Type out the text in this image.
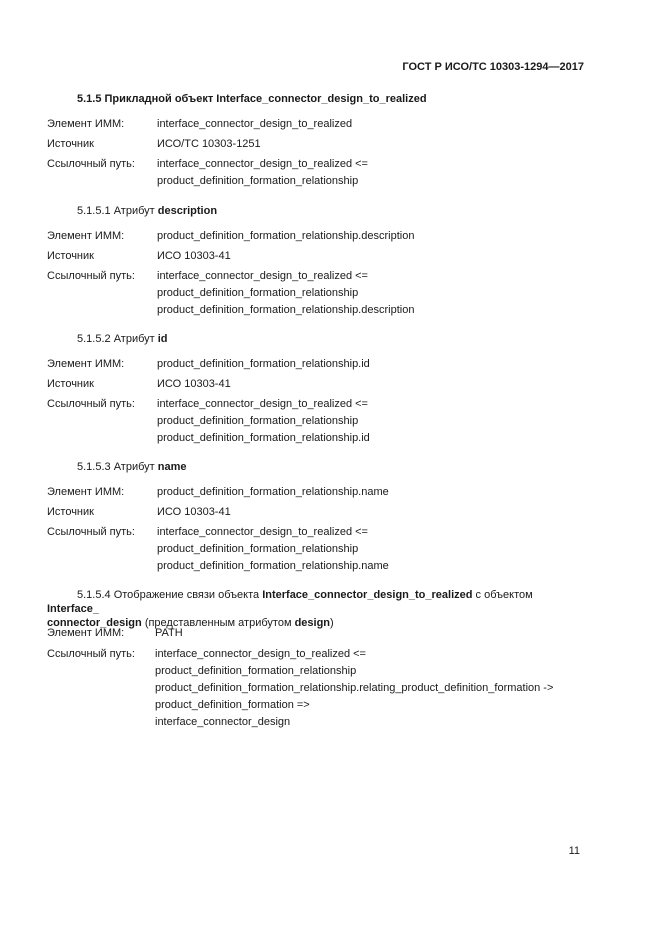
ГОСТ Р ИСО/ТС 10303-1294—2017
5.1.5 Прикладной объект Interface_connector_design_to_realized
Элемент ИММ:	interface_connector_design_to_realized
Источник	ИСО/ТС 10303-1251
Ссылочный путь: interface_connector_design_to_realized <=
product_definition_formation_relationship
5.1.5.1 Атрибут description
Элемент ИММ:	product_definition_formation_relationship.description
Источник	ИСО 10303-41
Ссылочный путь: interface_connector_design_to_realized <=
product_definition_formation_relationship
product_definition_formation_relationship.description
5.1.5.2 Атрибут id
Элемент ИММ:	product_definition_formation_relationship.id
Источник	ИСО 10303-41
Ссылочный путь: interface_connector_design_to_realized <=
product_definition_formation_relationship
product_definition_formation_relationship.id
5.1.5.3 Атрибут name
Элемент ИММ:	product_definition_formation_relationship.name
Источник	ИСО 10303-41
Ссылочный путь: interface_connector_design_to_realized <=
product_definition_formation_relationship
product_definition_formation_relationship.name
5.1.5.4 Отображение связи объекта Interface_connector_design_to_realized с объектом Interface_
connector_design (представленным атрибутом design)
Элемент ИММ:	PATH
Ссылочный путь: interface_connector_design_to_realized <=
product_definition_formation_relationship
product_definition_formation_relationship.relating_product_definition_formation ->
product_definition_formation =>
interface_connector_design
11
